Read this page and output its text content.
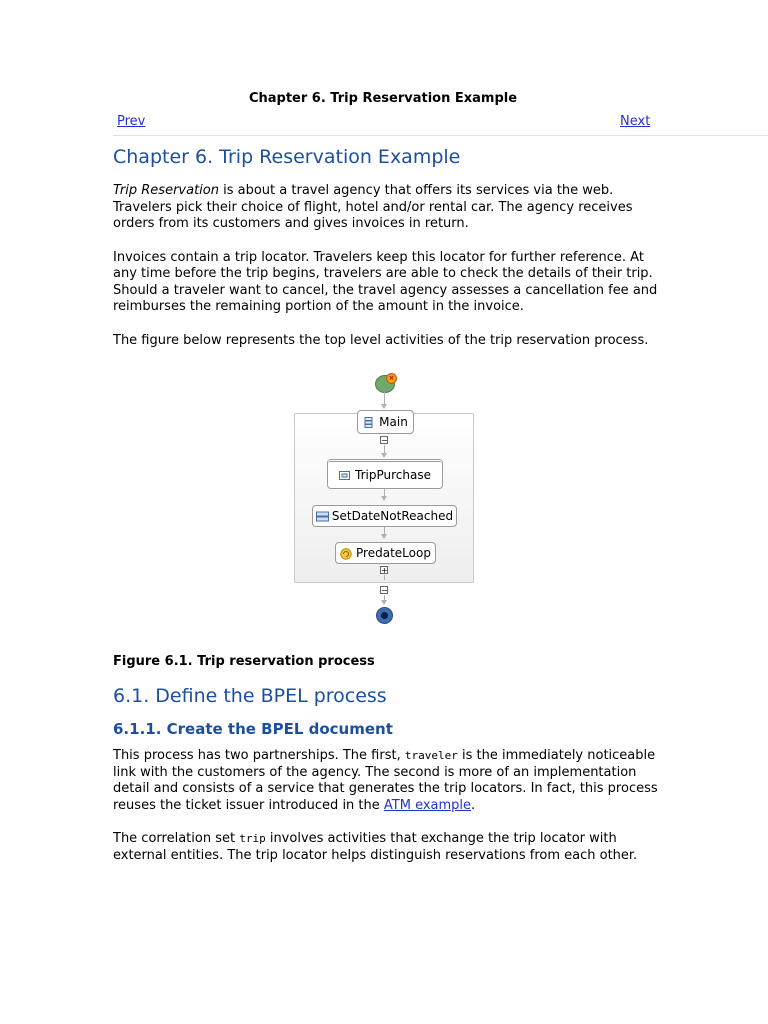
Chapter 6. Trip Reservation Example
Prev	Next
Chapter 6. Trip Reservation Example

Trip Reservation is about a travel agency that offers its services via the web. Travelers pick their choice of flight, hotel and/or rental car. The agency receives orders from its customers and gives invoices in return.

Invoices contain a trip locator. Travelers keep this locator for further reference. At any time before the trip begins, travelers are able to check the details of their trip. Should a traveler want to cancel, the travel agency assesses a cancellation fee and reimburses the remaining portion of the amount in the invoice.

The figure below represents the top level activities of the trip reservation process.

×
Main
−
TripPurchase
SetDateNotReached
PredateLoop
+
−
Figure 6.1. Trip reservation process
6.1. Define the BPEL process
6.1.1. Create the BPEL document

This process has two partnerships. The first, traveler is the immediately noticeable link with the customers of the agency. The second is more of an implementation detail and consists of a service that generates the trip locators. In fact, this process reuses the ticket issuer introduced in the ATM example.

The correlation set trip involves activities that exchange the trip locator with external entities. The trip locator helps distinguish reservations from each other.
